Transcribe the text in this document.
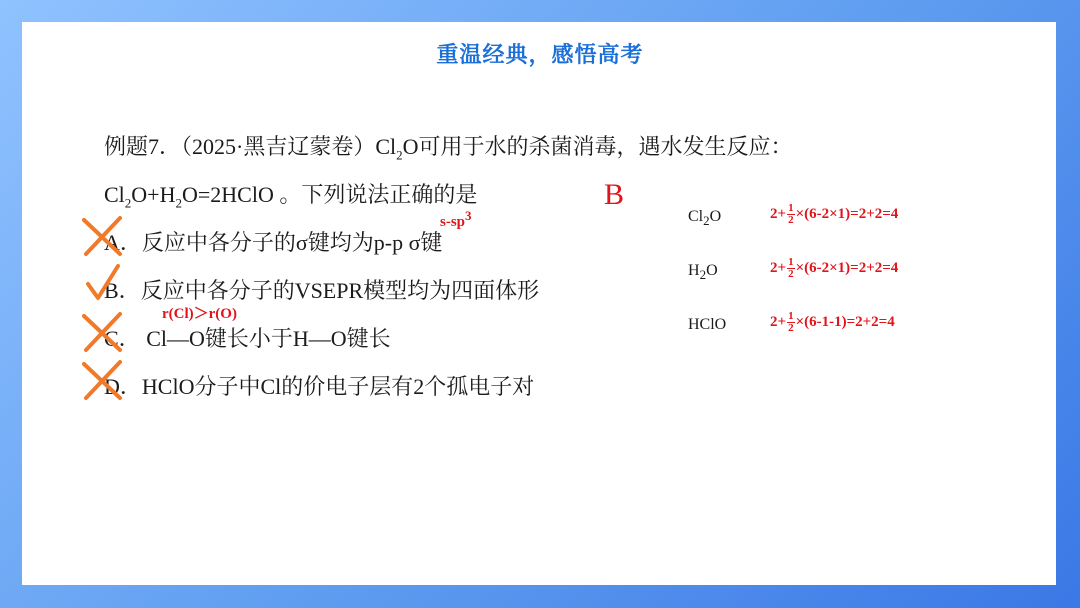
重温经典，感悟高考
例题7．（2025·黑吉辽蒙卷）$Cl_2O$可用于水的杀菌消毒，遇水发生反应：
$Cl_2O+H_2O=2HClO$ 。下列说法正确的是	B
$s-sp^3$
A．反应中各分子的σ键均为p-p σ键
B．反应中各分子的VSEPR模型均为四面体形
r(Cl)＞r(O)
C． Cl—O键长小于H—O键长
D．HClO分子中Cl的价电子层有2个孤电子对
$Cl_2O$	$2+ \frac{1}{2} \times(6-2\times 1)=2+2=4$
$H_2O$	$2+ \frac{1}{2} \times(6-2\times 1)=2+2=4$
HClO	$2+ \frac{1}{2} \times(6-1-1)=2+2=4$
